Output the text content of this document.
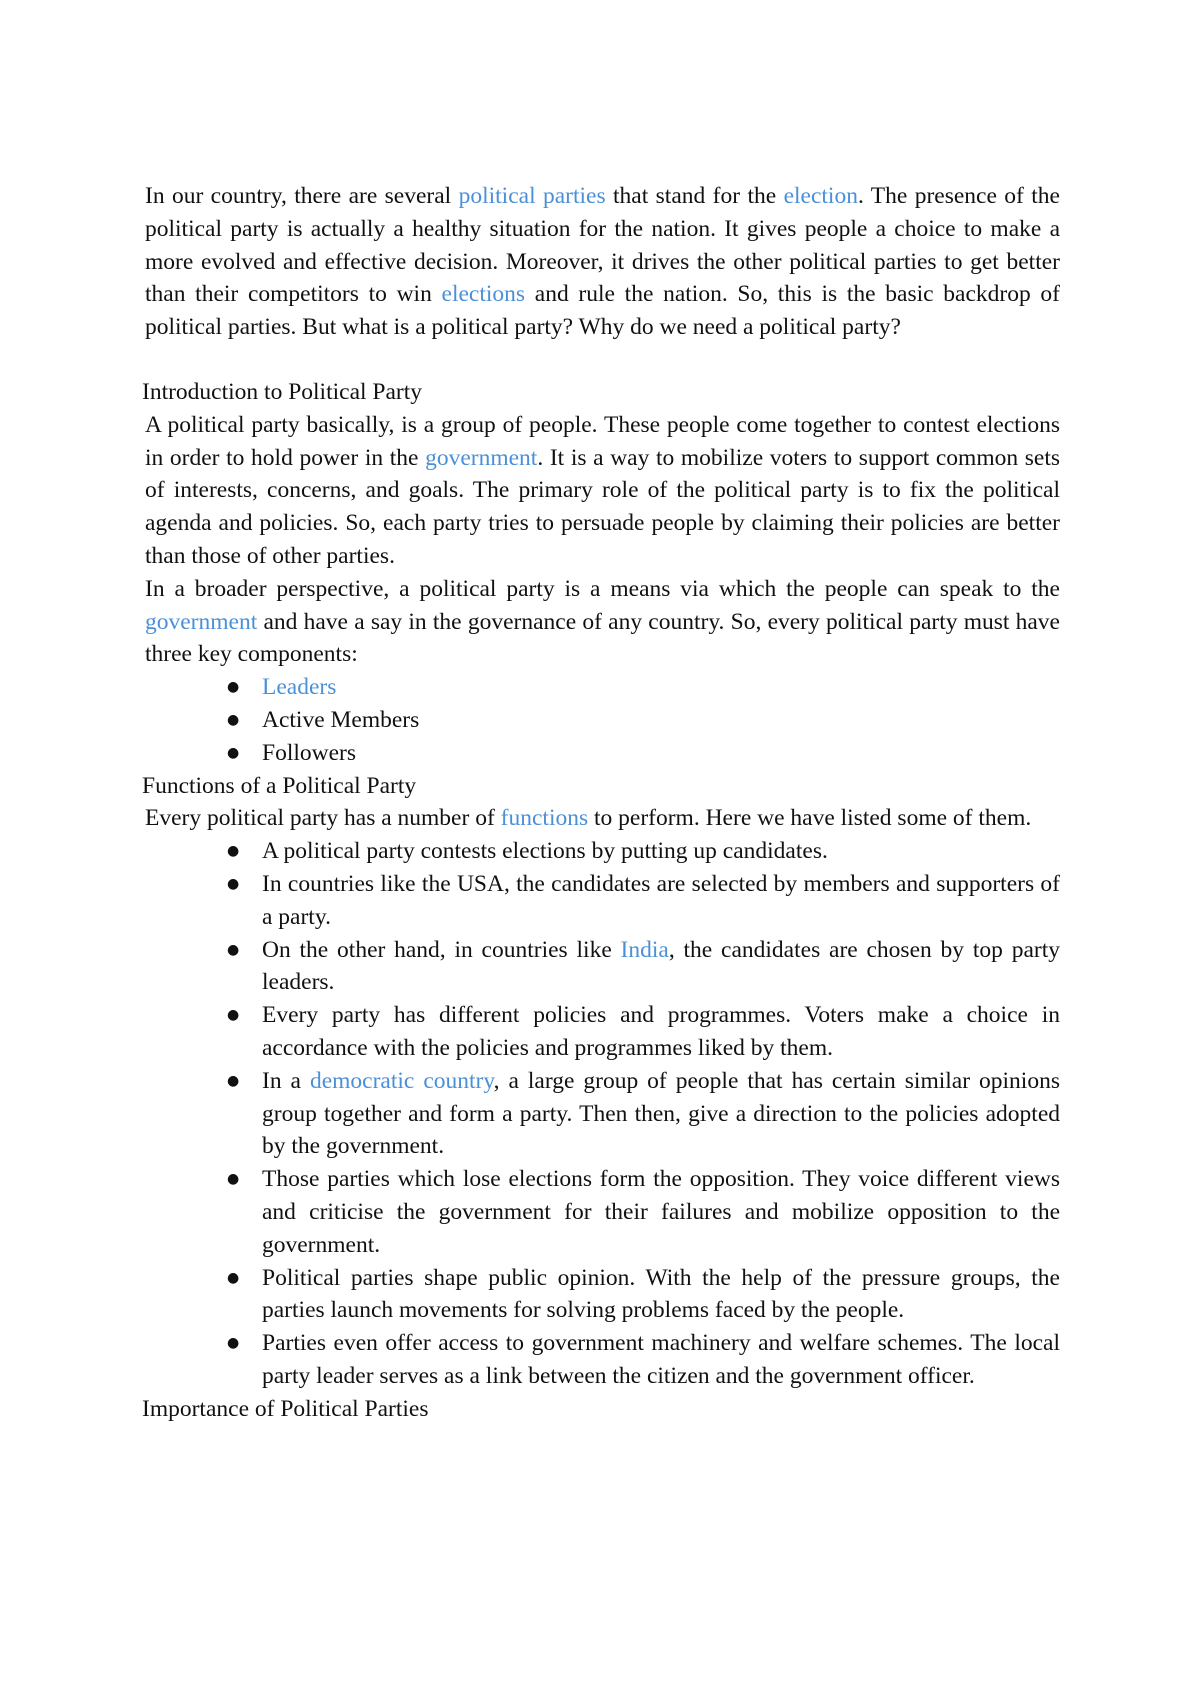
In our country, there are several political parties that stand for the election. The presence of the political party is actually a healthy situation for the nation. It gives people a choice to make a more evolved and effective decision. Moreover, it drives the other political parties to get better than their competitors to win elections and rule the nation. So, this is the basic backdrop of political parties. But what is a political party? Why do we need a political party?

Introduction to Political Party

A political party basically, is a group of people. These people come together to contest elections in order to hold power in the government. It is a way to mobilize voters to support common sets of interests, concerns, and goals. The primary role of the political party is to fix the political agenda and policies. So, each party tries to persuade people by claiming their policies are better than those of other parties.

In a broader perspective, a political party is a means via which the people can speak to the government and have a say in the governance of any country. So, every political party must have three key components:

● Leaders
● Active Members
● Followers

Functions of a Political Party

Every political party has a number of functions to perform. Here we have listed some of them.

● A political party contests elections by putting up candidates.
● In countries like the USA, the candidates are selected by members and supporters of a party.
● On the other hand, in countries like India, the candidates are chosen by top party leaders.
● Every party has different policies and programmes. Voters make a choice in accordance with the policies and programmes liked by them.
● In a democratic country, a large group of people that has certain similar opinions group together and form a party. Then then, give a direction to the policies adopted by the government.
● Those parties which lose elections form the opposition. They voice different views and criticise the government for their failures and mobilize opposition to the government.
● Political parties shape public opinion. With the help of the pressure groups, the parties launch movements for solving problems faced by the people.
● Parties even offer access to government machinery and welfare schemes. The local party leader serves as a link between the citizen and the government officer.

Importance of Political Parties
